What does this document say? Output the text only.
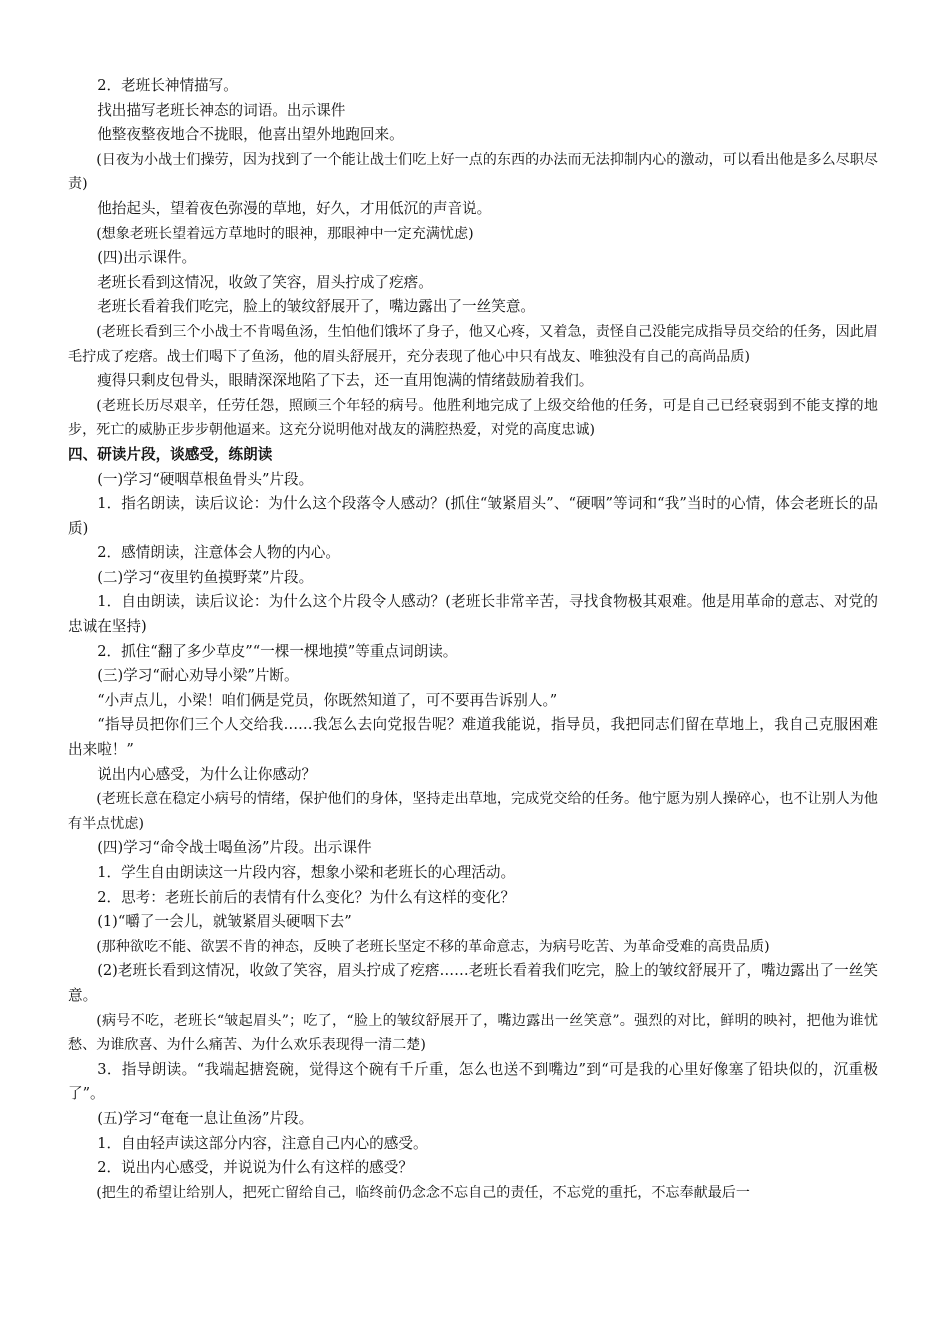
2．老班长神情描写。

找出描写老班长神态的词语。出示课件

他整夜整夜地合不拢眼，他喜出望外地跑回来。

(日夜为小战士们操劳，因为找到了一个能让战士们吃上好一点的东西的办法而无法抑制内心的激动，可以看出他是多么尽职尽责)

他抬起头，望着夜色弥漫的草地，好久，才用低沉的声音说。

(想象老班长望着远方草地时的眼神，那眼神中一定充满忧虑)

(四)出示课件。

老班长看到这情况，收敛了笑容，眉头拧成了疙瘩。

老班长看着我们吃完，脸上的皱纹舒展开了，嘴边露出了一丝笑意。

(老班长看到三个小战士不肯喝鱼汤，生怕他们饿坏了身子，他又心疼，又着急，责怪自己没能完成指导员交给的任务，因此眉毛拧成了疙瘩。战士们喝下了鱼汤，他的眉头舒展开，充分表现了他心中只有战友、唯独没有自己的高尚品质)

瘦得只剩皮包骨头，眼睛深深地陷了下去，还一直用饱满的情绪鼓励着我们。

(老班长历尽艰辛，任劳任怨，照顾三个年轻的病号。他胜利地完成了上级交给他的任务，可是自己已经衰弱到不能支撑的地步，死亡的威胁正步步朝他逼来。这充分说明他对战友的满腔热爱，对党的高度忠诚)

四、研读片段，谈感受，练朗读

(一)学习“硬咽草根鱼骨头”片段。

1．指名朗读，读后议论：为什么这个段落令人感动？(抓住“皱紧眉头”、“硬咽”等词和“我”当时的心情，体会老班长的品质)

2．感情朗读，注意体会人物的内心。

(二)学习“夜里钓鱼摸野菜”片段。

1．自由朗读，读后议论：为什么这个片段令人感动？(老班长非常辛苦，寻找食物极其艰难。他是用革命的意志、对党的忠诚在坚持)

2．抓住“翻了多少草皮”“一棵一棵地摸”等重点词朗读。

(三)学习“耐心劝导小梁”片断。

“小声点儿，小梁！咱们俩是党员，你既然知道了，可不要再告诉别人。”

“指导员把你们三个人交给我……我怎么去向党报告呢？难道我能说，指导员，我把同志们留在草地上，我自己克服困难出来啦！”

说出内心感受，为什么让你感动？

(老班长意在稳定小病号的情绪，保护他们的身体，坚持走出草地，完成党交给的任务。他宁愿为别人操碎心，也不让别人为他有半点忧虑)

(四)学习“命令战士喝鱼汤”片段。出示课件

1．学生自由朗读这一片段内容，想象小梁和老班长的心理活动。

2．思考：老班长前后的表情有什么变化？为什么有这样的变化？

(1)“嚼了一会儿，就皱紧眉头硬咽下去”

(那种欲吃不能、欲罢不肯的神态，反映了老班长坚定不移的革命意志，为病号吃苦、为革命受难的高贵品质)

(2)老班长看到这情况，收敛了笑容，眉头拧成了疙瘩……老班长看着我们吃完，脸上的皱纹舒展开了，嘴边露出了一丝笑意。

(病号不吃，老班长“皱起眉头”；吃了，“脸上的皱纹舒展开了，嘴边露出一丝笑意”。强烈的对比，鲜明的映衬，把他为谁忧愁、为谁欣喜、为什么痛苦、为什么欢乐表现得一清二楚)

3．指导朗读。“我端起搪瓷碗，觉得这个碗有千斤重，怎么也送不到嘴边”到“可是我的心里好像塞了铅块似的，沉重极了”。

(五)学习“奄奄一息让鱼汤”片段。

1．自由轻声读这部分内容，注意自己内心的感受。

2．说出内心感受，并说说为什么有这样的感受？

(把生的希望让给别人，把死亡留给自己，临终前仍念念不忘自己的责任，不忘党的重托，不忘奉献最后一
